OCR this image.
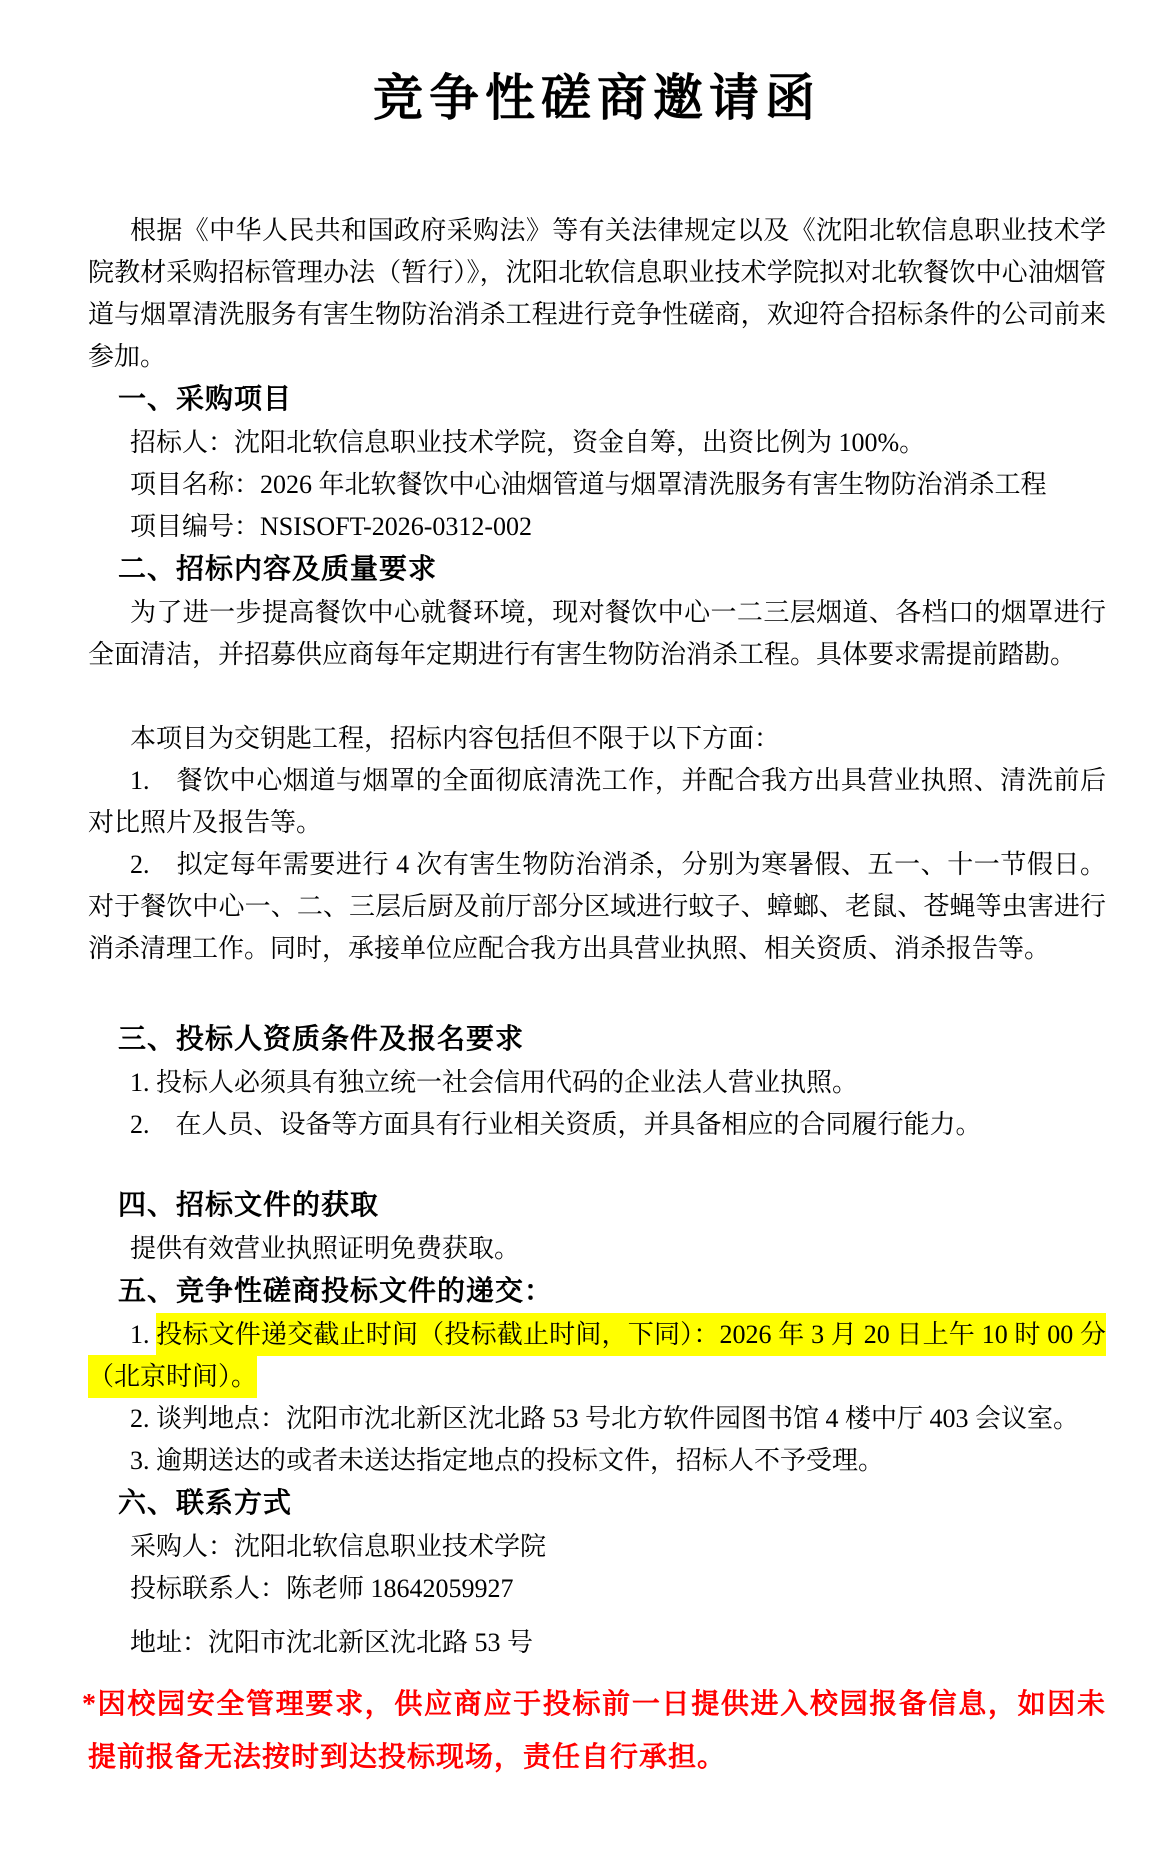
竞争性磋商邀请函

根据《中华人民共和国政府采购法》等有关法律规定以及《沈阳北软信息职业技术学院教材采购招标管理办法（暂行）》，沈阳北软信息职业技术学院拟对北软餐饮中心油烟管道与烟罩清洗服务有害生物防治消杀工程进行竞争性磋商，欢迎符合招标条件的公司前来参加。

一、采购项目

招标人：沈阳北软信息职业技术学院，资金自筹，出资比例为 100%。

项目名称：2026 年北软餐饮中心油烟管道与烟罩清洗服务有害生物防治消杀工程

项目编号：NSISOFT-2026-0312-002

二、招标内容及质量要求

为了进一步提高餐饮中心就餐环境，现对餐饮中心一二三层烟道、各档口的烟罩进行全面清洁，并招募供应商每年定期进行有害生物防治消杀工程。具体要求需提前踏勘。

本项目为交钥匙工程，招标内容包括但不限于以下方面：

1.　餐饮中心烟道与烟罩的全面彻底清洗工作，并配合我方出具营业执照、清洗前后对比照片及报告等。

2.　拟定每年需要进行 4 次有害生物防治消杀，分别为寒暑假、五一、十一节假日。对于餐饮中心一、二、三层后厨及前厅部分区域进行蚊子、蟑螂、老鼠、苍蝇等虫害进行消杀清理工作。同时，承接单位应配合我方出具营业执照、相关资质、消杀报告等。

三、投标人资质条件及报名要求

1. 投标人必须具有独立统一社会信用代码的企业法人营业执照。

2.　在人员、设备等方面具有行业相关资质，并具备相应的合同履行能力。

四、招标文件的获取

提供有效营业执照证明免费获取。

五、竞争性磋商投标文件的递交：

1. 投标文件递交截止时间（投标截止时间，下同）：2026 年 3 月 20 日上午 10 时 00 分（北京时间）。

2. 谈判地点：沈阳市沈北新区沈北路 53 号北方软件园图书馆 4 楼中厅 403 会议室。

3. 逾期送达的或者未送达指定地点的投标文件，招标人不予受理。

六、联系方式

采购人：沈阳北软信息职业技术学院

投标联系人：陈老师 18642059927

地址：沈阳市沈北新区沈北路 53 号

*因校园安全管理要求，供应商应于投标前一日提供进入校园报备信息，如因未提前报备无法按时到达投标现场，责任自行承担。
